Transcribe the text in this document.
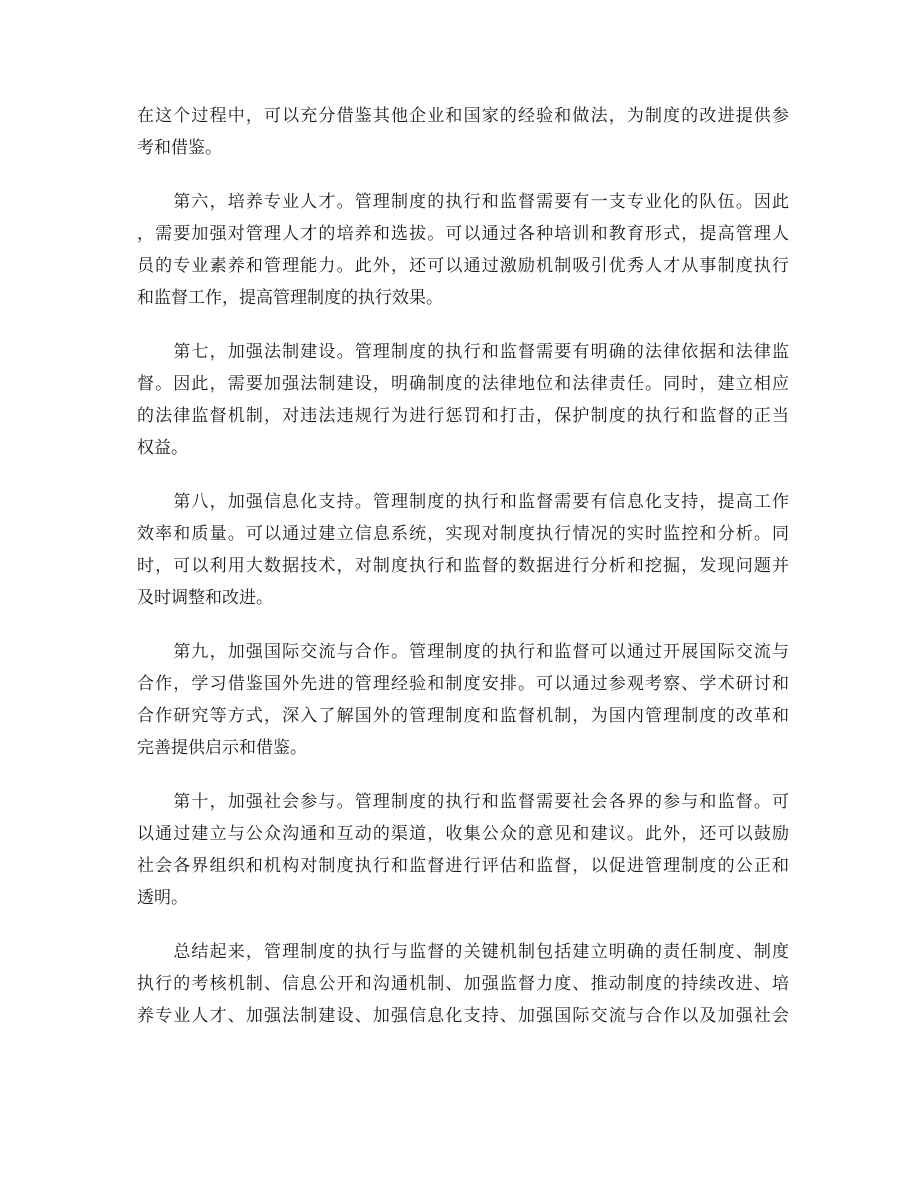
在这个过程中，可以充分借鉴其他企业和国家的经验和做法，为制度的改进提供参
考和借鉴。

　　第六，培养专业人才。管理制度的执行和监督需要有一支专业化的队伍。因此
，需要加强对管理人才的培养和选拔。可以通过各种培训和教育形式，提高管理人
员的专业素养和管理能力。此外，还可以通过激励机制吸引优秀人才从事制度执行
和监督工作，提高管理制度的执行效果。

　　第七，加强法制建设。管理制度的执行和监督需要有明确的法律依据和法律监
督。因此，需要加强法制建设，明确制度的法律地位和法律责任。同时，建立相应
的法律监督机制，对违法违规行为进行惩罚和打击，保护制度的执行和监督的正当
权益。

　　第八，加强信息化支持。管理制度的执行和监督需要有信息化支持，提高工作
效率和质量。可以通过建立信息系统，实现对制度执行情况的实时监控和分析。同
时，可以利用大数据技术，对制度执行和监督的数据进行分析和挖掘，发现问题并
及时调整和改进。

　　第九，加强国际交流与合作。管理制度的执行和监督可以通过开展国际交流与
合作，学习借鉴国外先进的管理经验和制度安排。可以通过参观考察、学术研讨和
合作研究等方式，深入了解国外的管理制度和监督机制，为国内管理制度的改革和
完善提供启示和借鉴。

　　第十，加强社会参与。管理制度的执行和监督需要社会各界的参与和监督。可
以通过建立与公众沟通和互动的渠道，收集公众的意见和建议。此外，还可以鼓励
社会各界组织和机构对制度执行和监督进行评估和监督，以促进管理制度的公正和
透明。

　　总结起来，管理制度的执行与监督的关键机制包括建立明确的责任制度、制度
执行的考核机制、信息公开和沟通机制、加强监督力度、推动制度的持续改进、培
养专业人才、加强法制建设、加强信息化支持、加强国际交流与合作以及加强社会
